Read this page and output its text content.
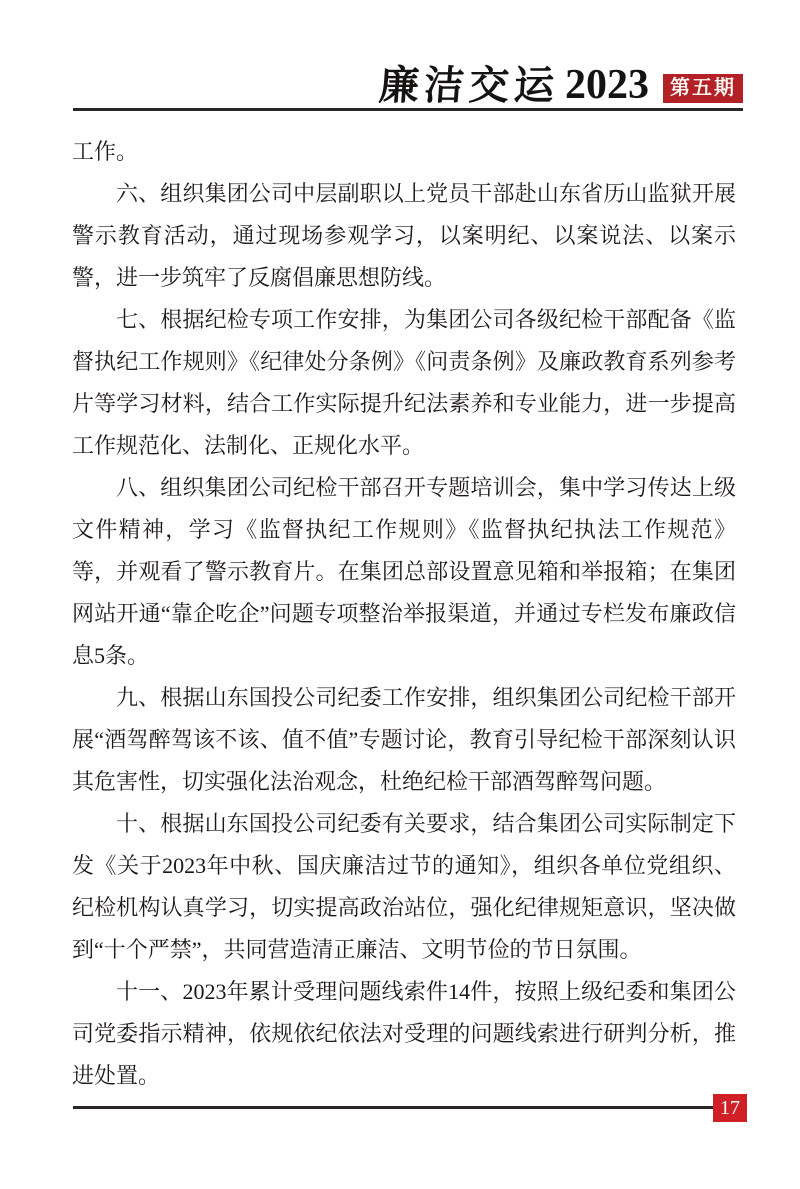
廉洁交运 2023	第五期

工作。

六、组织集团公司中层副职以上党员干部赴山东省历山监狱开展警示教育活动，通过现场参观学习，以案明纪、以案说法、以案示警，进一步筑牢了反腐倡廉思想防线。

七、根据纪检专项工作安排，为集团公司各级纪检干部配备《监督执纪工作规则》《纪律处分条例》《问责条例》及廉政教育系列参考片等学习材料，结合工作实际提升纪法素养和专业能力，进一步提高工作规范化、法制化、正规化水平。

八、组织集团公司纪检干部召开专题培训会，集中学习传达上级文件精神，学习《监督执纪工作规则》《监督执纪执法工作规范》等，并观看了警示教育片。在集团总部设置意见箱和举报箱；在集团网站开通“靠企吃企”问题专项整治举报渠道，并通过专栏发布廉政信息5条。

九、根据山东国投公司纪委工作安排，组织集团公司纪检干部开展“酒驾醉驾该不该、值不值”专题讨论，教育引导纪检干部深刻认识其危害性，切实强化法治观念，杜绝纪检干部酒驾醉驾问题。

十、根据山东国投公司纪委有关要求，结合集团公司实际制定下发《关于2023年中秋、国庆廉洁过节的通知》，组织各单位党组织、纪检机构认真学习，切实提高政治站位，强化纪律规矩意识，坚决做到“十个严禁”，共同营造清正廉洁、文明节俭的节日氛围。

十一、2023年累计受理问题线索件14件，按照上级纪委和集团公司党委指示精神，依规依纪依法对受理的问题线索进行研判分析，推进处置。

17
